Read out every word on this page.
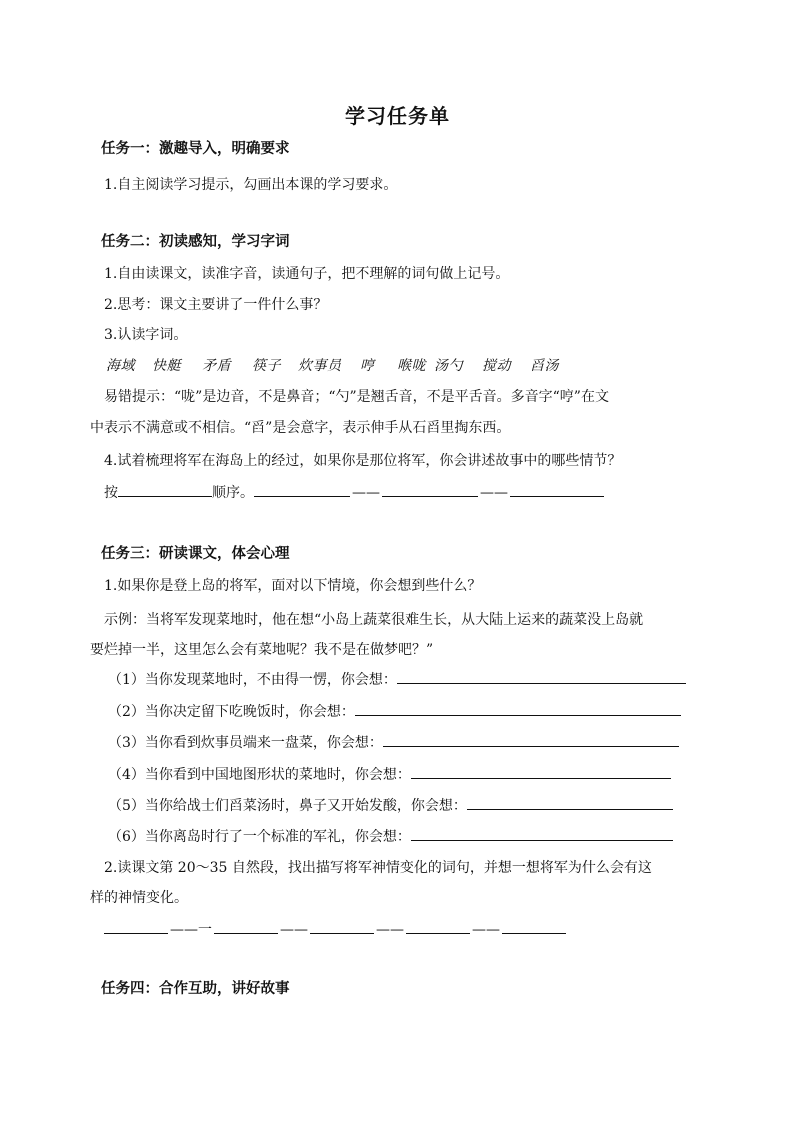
学习任务单
任务一：激趣导入，明确要求
1.自主阅读学习提示，勾画出本课的学习要求。
任务二：初读感知，学习字词
1.自由读课文，读准字音，读通句子，把不理解的词句做上记号。
2.思考：课文主要讲了一件什么事？
3.认读字词。
海域 快艇 矛盾 筷子 炊事员 哼 喉咙 汤勺 搅动 舀汤
易错提示：“咙”是边音，不是鼻音；“勺”是翘舌音，不是平舌音。多音字“哼”在文
中表示不满意或不相信。“舀”是会意字，表示伸手从石舀里掏东西。
4.试着梳理将军在海岛上的经过，如果你是那位将军，你会讲述故事中的哪些情节？
按	顺序。	——	——
任务三：研读课文，体会心理
1.如果你是登上岛的将军，面对以下情境，你会想到些什么？
示例：当将军发现菜地时，他在想“小岛上蔬菜很难生长，从大陆上运来的蔬菜没上岛就
要烂掉一半，这里怎么会有菜地呢？我不是在做梦吧？”
（1）当你发现菜地时，不由得一愣，你会想：
（2）当你决定留下吃晚饭时，你会想：
（3）当你看到炊事员端来一盘菜，你会想：
（4）当你看到中国地图形状的菜地时，你会想：
（5）当你给战士们舀菜汤时，鼻子又开始发酸，你会想：
（6）当你离岛时行了一个标准的军礼，你会想：
2.读课文第 20～35 自然段，找出描写将军神情变化的词句，并想一想将军为什么会有这
样的神情变化。
——一	——	——	——
任务四：合作互助，讲好故事
